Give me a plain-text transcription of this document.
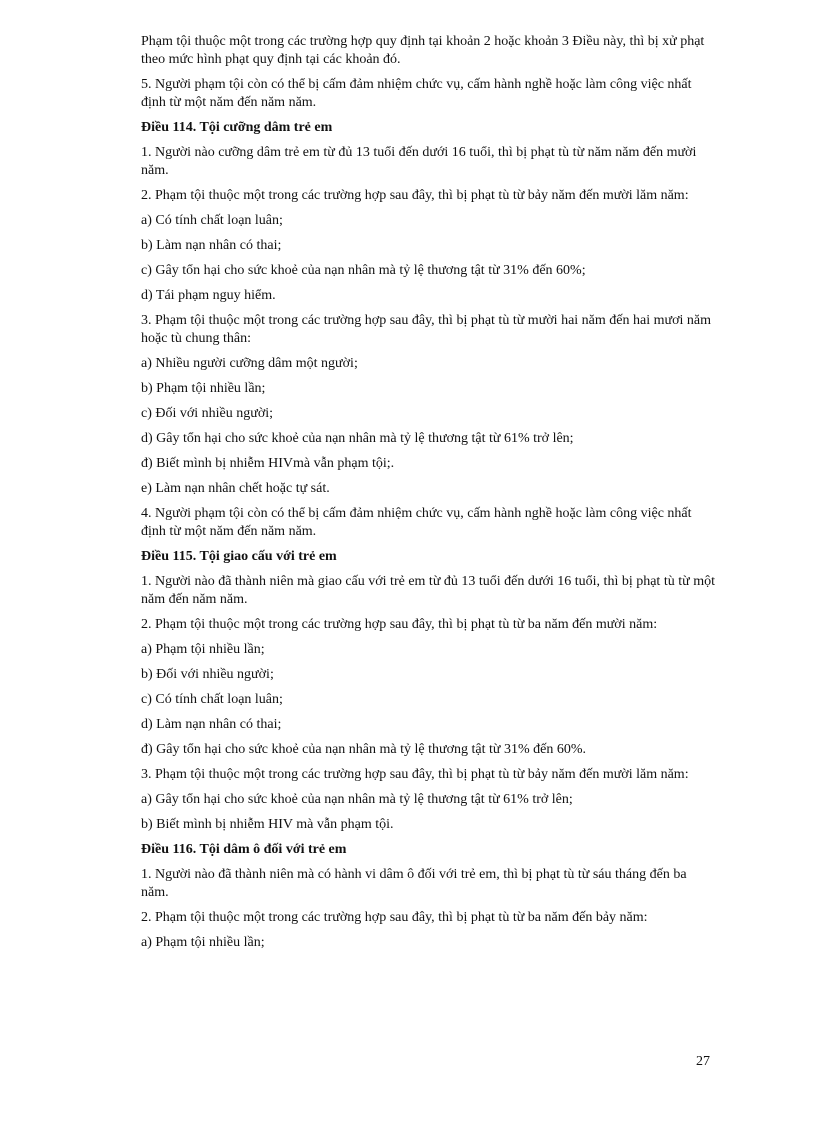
Phạm tội thuộc một trong các trường hợp quy định tại khoản 2 hoặc khoản 3 Điều này, thì bị xử phạt theo mức hình phạt quy định tại các khoản đó.
5. Người phạm tội còn có thể bị cấm đảm nhiệm chức vụ, cấm hành nghề hoặc làm công việc nhất định từ một năm đến năm năm.
Điều 114. Tội cưỡng dâm trẻ em
1. Người nào cưỡng dâm trẻ em từ đủ 13 tuổi đến dưới 16 tuổi, thì bị phạt tù từ năm năm đến mười năm.
2. Phạm tội thuộc một trong các trường hợp sau đây, thì bị phạt tù từ bảy năm đến mười lăm năm:
a) Có tính chất loạn luân;
b) Làm nạn nhân có thai;
c) Gây tổn hại cho sức khoẻ của nạn nhân mà tỷ lệ thương tật từ 31% đến 60%;
d) Tái phạm nguy hiểm.
3. Phạm tội thuộc một trong các trường hợp sau đây, thì bị phạt tù từ mười hai năm đến hai mươi năm hoặc tù chung thân:
a) Nhiều người cưỡng dâm một người;
b) Phạm tội nhiều lần;
c) Đối với nhiều người;
d) Gây tổn hại cho sức khoẻ của nạn nhân mà tỷ lệ thương tật từ 61% trở lên;
đ) Biết mình bị nhiễm HIVmà vẫn phạm tội;.
e) Làm nạn nhân chết hoặc tự sát.
4. Người phạm tội còn có thể bị cấm đảm nhiệm chức vụ, cấm hành nghề hoặc làm công việc nhất định từ một năm đến năm năm.
Điều 115. Tội giao cấu với trẻ em
1. Người nào đã thành niên mà giao cấu với trẻ em từ đủ 13 tuổi đến dưới 16 tuổi, thì bị phạt tù từ một năm đến năm năm.
2. Phạm tội thuộc một trong các trường hợp sau đây, thì bị phạt tù từ ba năm đến mười năm:
a) Phạm tội nhiều lần;
b) Đối với nhiều người;
c) Có tính chất loạn luân;
d) Làm nạn nhân có thai;
đ) Gây tổn hại cho sức khoẻ của nạn nhân mà tỷ lệ thương tật từ 31% đến 60%.
3. Phạm tội thuộc một trong các trường hợp sau đây, thì bị phạt tù từ bảy năm đến mười lăm năm:
a) Gây tổn hại cho sức khoẻ của nạn nhân mà tỷ lệ thương tật từ 61% trở lên;
b) Biết mình bị nhiễm HIV mà vẫn phạm tội.
Điều 116. Tội dâm ô đối với trẻ em
1. Người nào đã thành niên mà có hành vi dâm ô đối với trẻ em, thì bị phạt tù từ sáu tháng đến ba năm.
2. Phạm tội thuộc một trong các trường hợp sau đây, thì bị phạt tù từ ba năm đến bảy năm:
a) Phạm tội nhiều lần;
27
